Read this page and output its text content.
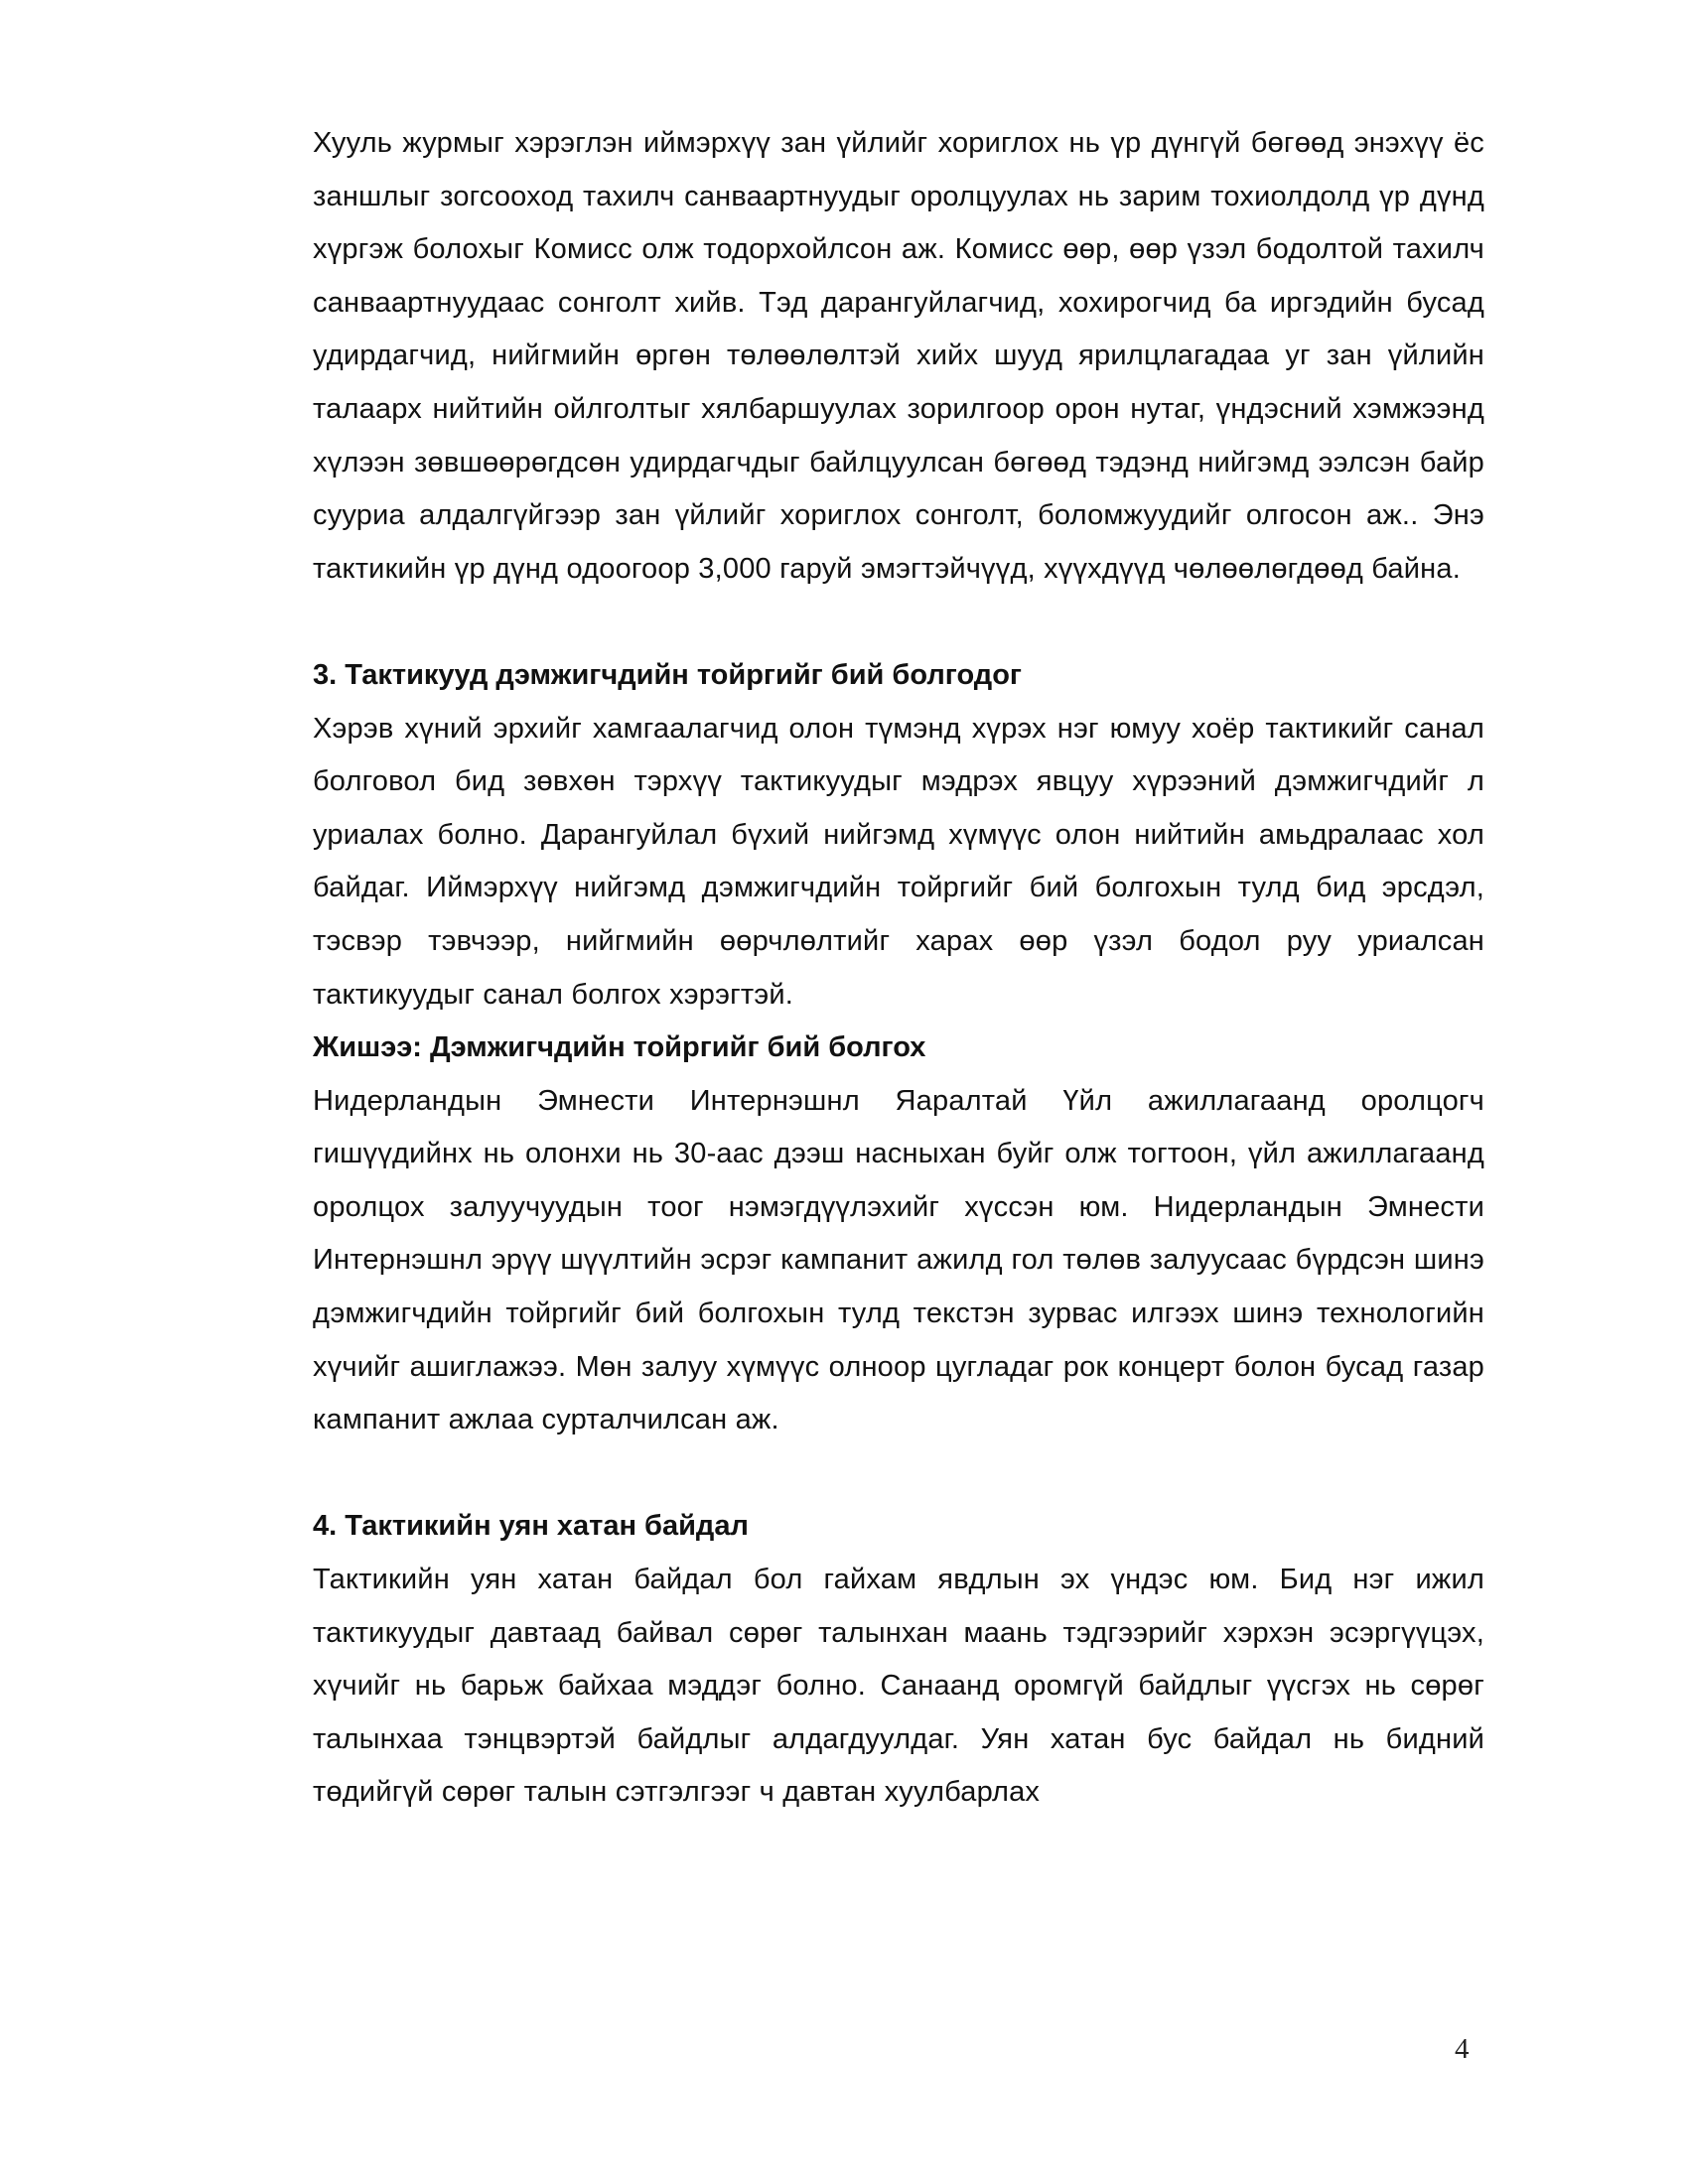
Хууль журмыг хэрэглэн иймэрхүү зан үйлийг хориглох нь үр дүнгүй бөгөөд энэхүү ёс заншлыг зогсооход тахилч санваартнуудыг оролцуулах нь зарим тохиолдолд үр дүнд хүргэж болохыг Комисс олж тодорхойлсон аж. Комисс өөр, өөр үзэл бодолтой тахилч санваартнуудаас сонголт хийв. Тэд дарангуйлагчид, хохирогчид ба иргэдийн бусад удирдагчид, нийгмийн өргөн төлөөлөлтэй хийх шууд ярилцлагадаа уг зан үйлийн талаарх нийтийн ойлголтыг хялбаршуулах зорилгоор орон нутаг, үндэсний хэмжээнд хүлээн зөвшөөрөгдсөн удирдагчдыг байлцуулсан бөгөөд тэдэнд нийгэмд ээлсэн байр сууриа алдалгүйгээр зан үйлийг хориглох сонголт, боломжуудийг олгосон аж.. Энэ тактикийн үр дүнд одоогоор 3,000 гаруй эмэгтэйчүүд, хүүхдүүд чөлөөлөгдөөд байна.

3. Тактикууд дэмжигчдийн тойргийг бий болгодог

Хэрэв хүний эрхийг хамгаалагчид олон түмэнд хүрэх нэг юмуу хоёр тактикийг санал болговол бид зөвхөн тэрхүү тактикуудыг мэдрэх явцуу хүрээний дэмжигчдийг л уриалах болно. Дарангуйлал бүхий нийгэмд хүмүүс олон нийтийн амьдралаас хол байдаг. Иймэрхүү нийгэмд дэмжигчдийн тойргийг бий болгохын тулд бид эрсдэл, тэсвэр тэвчээр, нийгмийн өөрчлөлтийг харах өөр үзэл бодол руу уриалсан тактикуудыг санал болгох хэрэгтэй.

Жишээ: Дэмжигчдийн тойргийг бий болгох

Нидерландын Эмнести Интернэшнл Яаралтай Үйл ажиллагаанд оролцогч гишүүдийнх нь олонхи нь 30-аас дээш насныхан буйг олж тогтоон, үйл ажиллагаанд оролцох залуучуудын тоог нэмэгдүүлэхийг хүссэн юм. Нидерландын Эмнести Интернэшнл эрүү шүүлтийн эсрэг кампанит ажилд гол төлөв залуусаас бүрдсэн шинэ дэмжигчдийн тойргийг бий болгохын тулд текстэн зурвас илгээх шинэ технологийн хүчийг ашиглажээ. Мөн залуу хүмүүс олноор цугладаг рок концерт болон бусад газар кампанит ажлаа сурталчилсан аж.

4. Тактикийн уян хатан байдал

Тактикийн уян хатан байдал бол гайхам явдлын эх үндэс юм. Бид нэг ижил тактикуудыг давтаад байвал сөрөг талынхан маань тэдгээрийг хэрхэн эсэргүүцэх, хүчийг нь барьж байхаа мэддэг болно. Санаанд оромгүй байдлыг үүсгэх нь сөрөг талынхаа тэнцвэртэй байдлыг алдагдуулдаг. Уян хатан бус байдал нь бидний төдийгүй сөрөг талын сэтгэлгээг ч давтан хуулбарлах

4
